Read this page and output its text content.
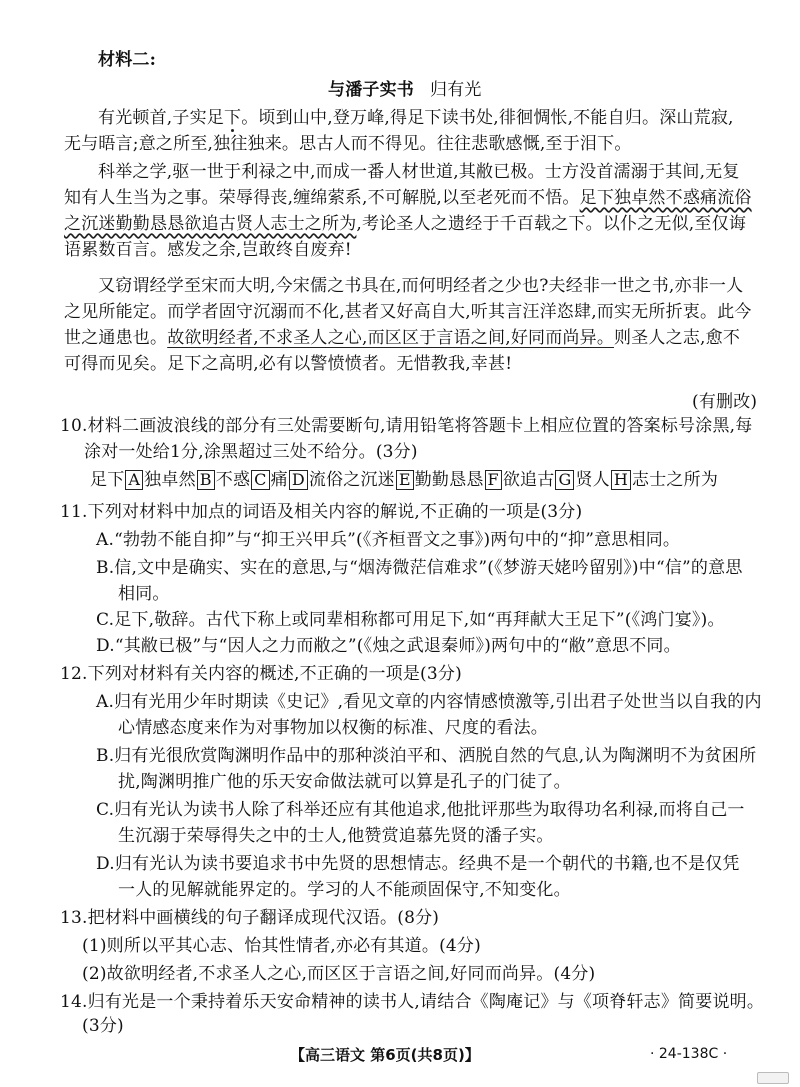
材料二:
与潘子实书 归有光
有光顿首,子实足下。顷到山中,登万峰,得足下读书处,徘徊惆怅,不能自归。深山荒寂,
无与晤言;意之所至,独往独来。思古人而不得见。往往悲歌感慨,至于泪下。
科举之学,驱一世于利禄之中,而成一番人材世道,其敝已极。士方没首濡溺于其间,无复
知有人生当为之事。荣辱得丧,缠绵萦系,不可解脱,以至老死而不悟。足下独卓然不惑痛流俗
之沉迷勤勤恳恳欲追古贤人志士之所为,考论圣人之遗经于千百载之下。以仆之无似,至仅诲
语累数百言。感发之余,岂敢终自废弃!
又窃谓经学至宋而大明,今宋儒之书具在,而何明经者之少也?夫经非一世之书,亦非一人
之见所能定。而学者固守沉溺而不化,甚者又好高自大,听其言汪洋恣肆,而实无所折衷。此今
世之通患也。故欲明经者,不求圣人之心,而区区于言语之间,好同而尚异。则圣人之志,愈不
可得而见矣。足下之高明,必有以警愤愤者。无惜教我,幸甚!
(有删改)
10.材料二画波浪线的部分有三处需要断句,请用铅笔将答题卡上相应位置的答案标号涂黑,每
涂对一处给1分,涂黑超过三处不给分。(3分)
足下 A 独卓然 B 不惑 C 痛 D 流俗之沉迷 E 勤勤恳恳 F 欲追古 G 贤人 H 志士之所为
11.下列对材料中加点的词语及相关内容的解说,不正确的一项是(3分)
A.“勃勃不能自抑”与“抑王兴甲兵”(《齐桓晋文之事》)两句中的“抑”意思相同。
B.信,文中是确实、实在的意思,与“烟涛微茫信难求”(《梦游天姥吟留别》)中“信”的意思
相同。
C.足下,敬辞。古代下称上或同辈相称都可用足下,如“再拜献大王足下”(《鸿门宴》)。
D.“其敝已极”与“因人之力而敝之”(《烛之武退秦师》)两句中的“敝”意思不同。
12.下列对材料有关内容的概述,不正确的一项是(3分)
A.归有光用少年时期读《史记》,看见文章的内容情感愤激等,引出君子处世当以自我的内
心情感态度来作为对事物加以权衡的标准、尺度的看法。
B.归有光很欣赏陶渊明作品中的那种淡泊平和、洒脱自然的气息,认为陶渊明不为贫困所
扰,陶渊明推广他的乐天安命做法就可以算是孔子的门徒了。
C.归有光认为读书人除了科举还应有其他追求,他批评那些为取得功名利禄,而将自己一
生沉溺于荣辱得失之中的士人,他赞赏追慕先贤的潘子实。
D.归有光认为读书要追求书中先贤的思想情志。经典不是一个朝代的书籍,也不是仅凭
一人的见解就能界定的。学习的人不能顽固保守,不知变化。
13.把材料中画横线的句子翻译成现代汉语。(8分)
(1)则所以平其心志、怡其性情者,亦必有其道。(4分)
(2)故欲明经者,不求圣人之心,而区区于言语之间,好同而尚异。(4分)
14.归有光是一个秉持着乐天安命精神的读书人,请结合《陶庵记》与《项脊轩志》简要说明。
(3分)
【高三语文 第6页(共8页)】	· 24-138C ·
